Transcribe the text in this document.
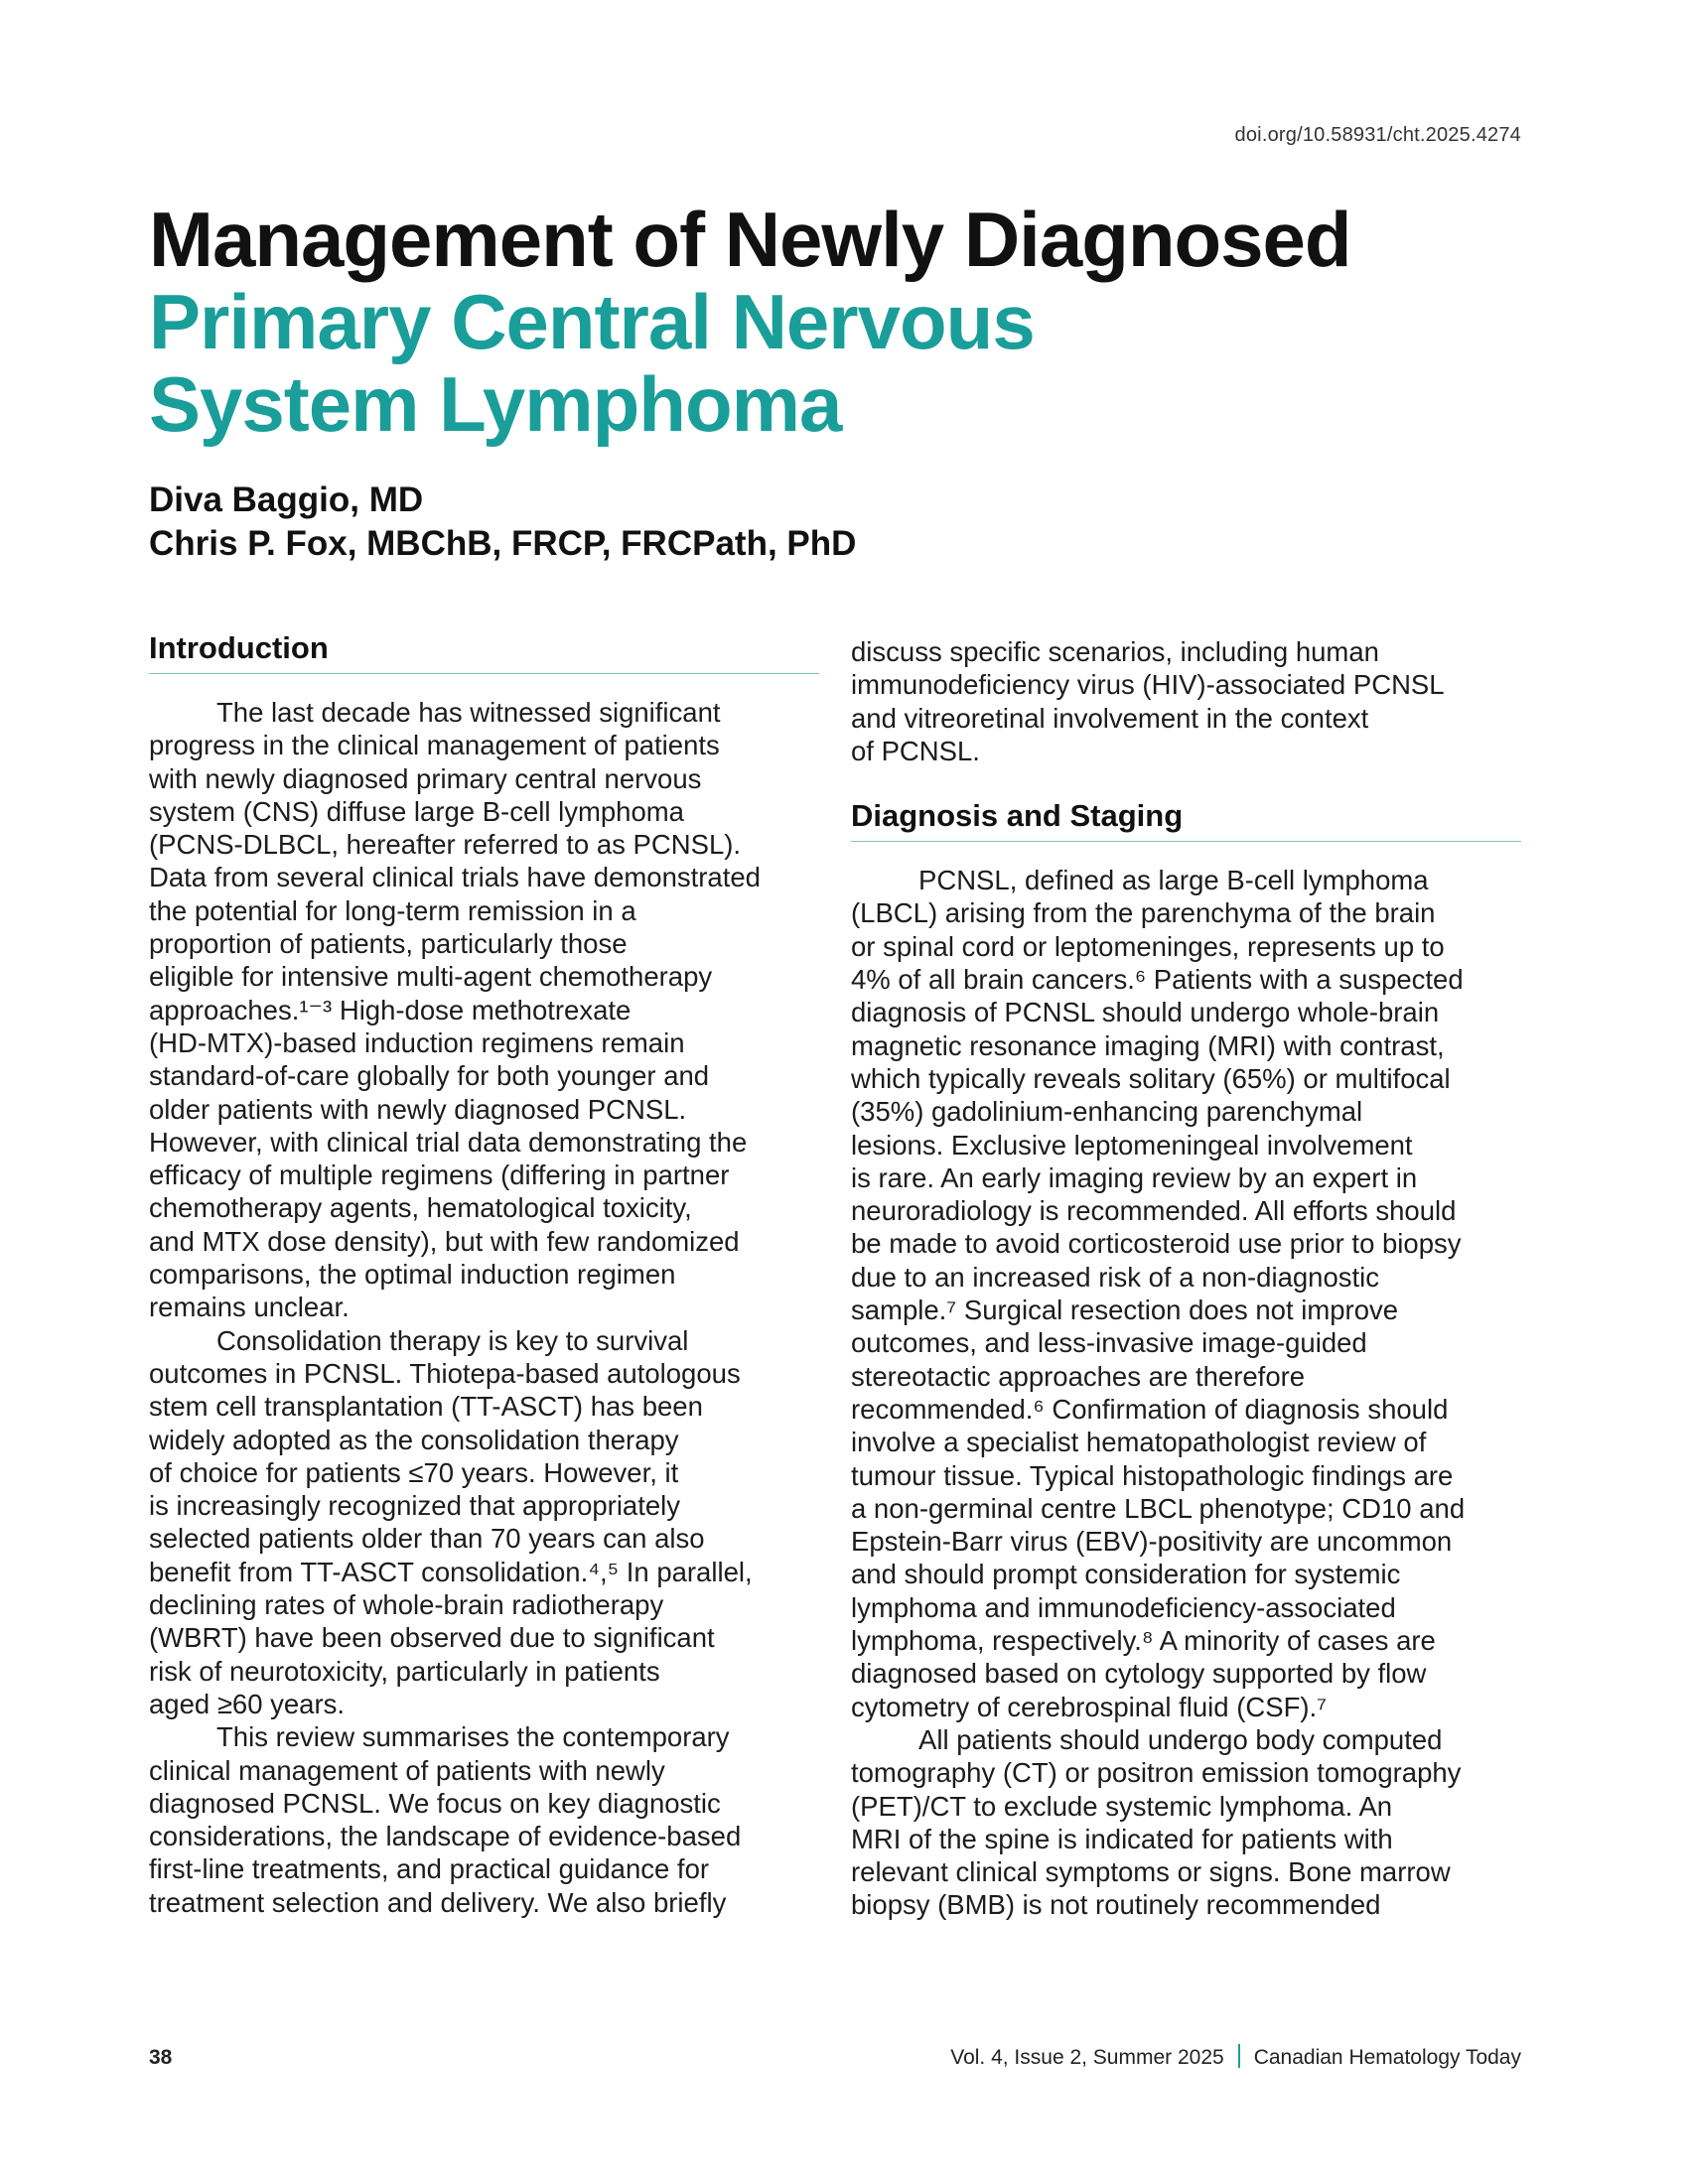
doi.org/10.58931/cht.2025.4274
Management of Newly Diagnosed
Primary Central Nervous
System Lymphoma
Diva Baggio, MD
Chris P. Fox, MBChB, FRCP, FRCPath, PhD
Introduction

The last decade has witnessed significant
progress in the clinical management of patients
with newly diagnosed primary central nervous
system (CNS) diffuse large B-cell lymphoma
(PCNS-DLBCL, hereafter referred to as PCNSL).
Data from several clinical trials have demonstrated
the potential for long-term remission in a
proportion of patients, particularly those
eligible for intensive multi-agent chemotherapy
approaches.¹⁻³ High-dose methotrexate
(HD-MTX)-based induction regimens remain
standard-of-care globally for both younger and
older patients with newly diagnosed PCNSL.
However, with clinical trial data demonstrating the
efficacy of multiple regimens (differing in partner
chemotherapy agents, hematological toxicity,
and MTX dose density), but with few randomized
comparisons, the optimal induction regimen
remains unclear.

Consolidation therapy is key to survival
outcomes in PCNSL. Thiotepa-based autologous
stem cell transplantation (TT-ASCT) has been
widely adopted as the consolidation therapy
of choice for patients ≤70 years. However, it
is increasingly recognized that appropriately
selected patients older than 70 years can also
benefit from TT-ASCT consolidation.⁴,⁵ In parallel,
declining rates of whole-brain radiotherapy
(WBRT) have been observed due to significant
risk of neurotoxicity, particularly in patients
aged ≥60 years.

This review summarises the contemporary
clinical management of patients with newly
diagnosed PCNSL. We focus on key diagnostic
considerations, the landscape of evidence-based
first-line treatments, and practical guidance for
treatment selection and delivery. We also briefly

discuss specific scenarios, including human
immunodeficiency virus (HIV)-associated PCNSL
and vitreoretinal involvement in the context
of PCNSL.

Diagnosis and Staging

PCNSL, defined as large B-cell lymphoma
(LBCL) arising from the parenchyma of the brain
or spinal cord or leptomeninges, represents up to
4% of all brain cancers.⁶ Patients with a suspected
diagnosis of PCNSL should undergo whole-brain
magnetic resonance imaging (MRI) with contrast,
which typically reveals solitary (65%) or multifocal
(35%) gadolinium-enhancing parenchymal
lesions. Exclusive leptomeningeal involvement
is rare. An early imaging review by an expert in
neuroradiology is recommended. All efforts should
be made to avoid corticosteroid use prior to biopsy
due to an increased risk of a non-diagnostic
sample.⁷ Surgical resection does not improve
outcomes, and less-invasive image-guided
stereotactic approaches are therefore
recommended.⁶ Confirmation of diagnosis should
involve a specialist hematopathologist review of
tumour tissue. Typical histopathologic findings are
a non-germinal centre LBCL phenotype; CD10 and
Epstein-Barr virus (EBV)-positivity are uncommon
and should prompt consideration for systemic
lymphoma and immunodeficiency-associated
lymphoma, respectively.⁸ A minority of cases are
diagnosed based on cytology supported by flow
cytometry of cerebrospinal fluid (CSF).⁷

All patients should undergo body computed
tomography (CT) or positron emission tomography
(PET)/CT to exclude systemic lymphoma. An
MRI of the spine is indicated for patients with
relevant clinical symptoms or signs. Bone marrow
biopsy (BMB) is not routinely recommended

38	Vol. 4, Issue 2, Summer 2025 Canadian Hematology Today
